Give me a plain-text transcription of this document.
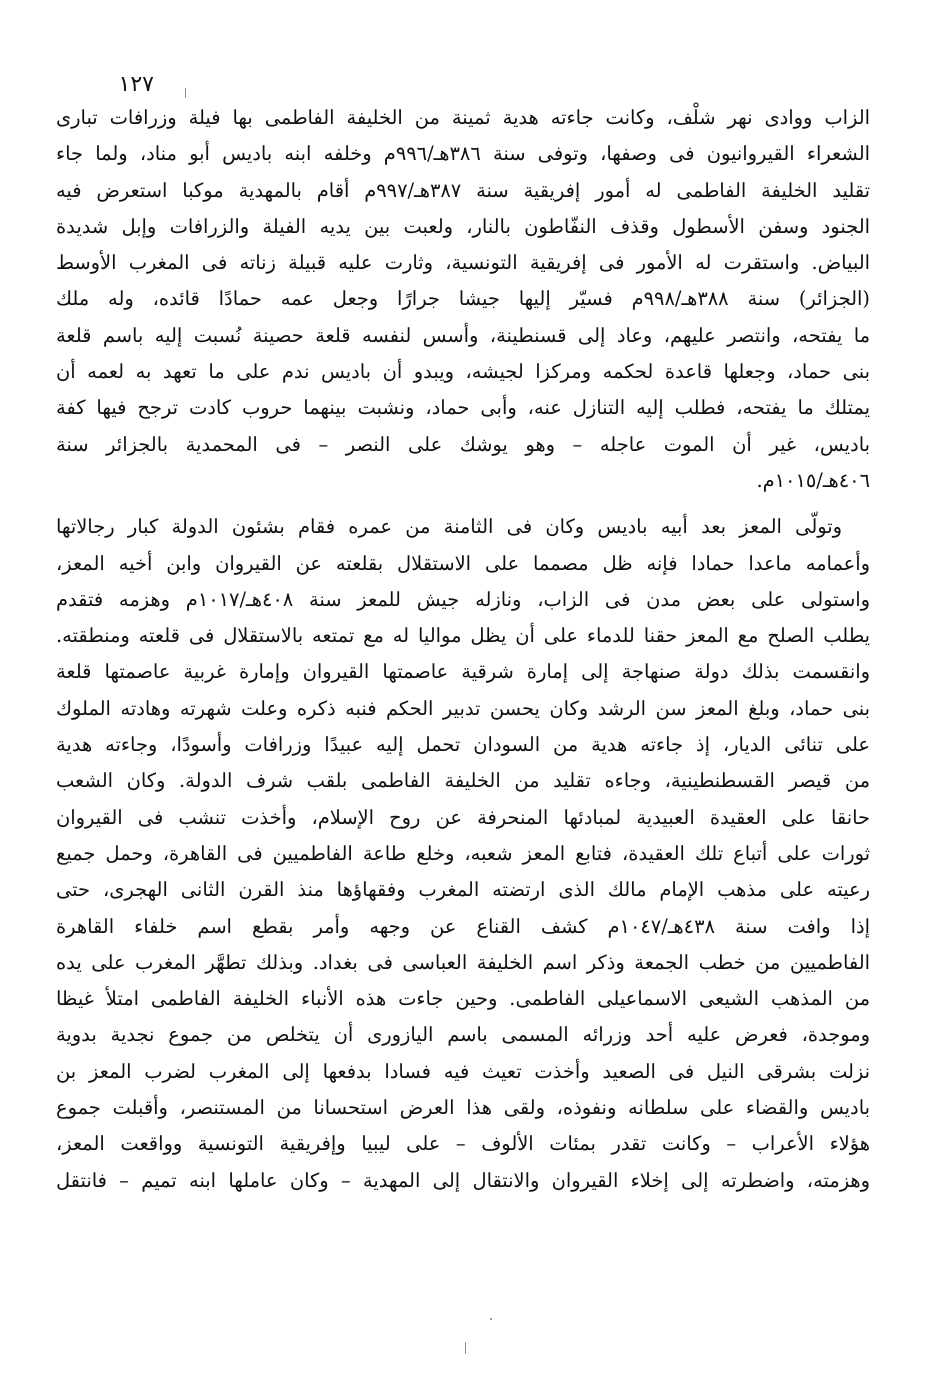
١٢٧
الزاب ووادى نهر شلْف، وكانت جاءته هدية ثمينة من الخليفة الفاطمى بها فيلة وزرافات تبارى
الشعراء القيروانيون فى وصفها، وتوفى سنة ٣٨٦هـ/٩٩٦م وخلفه ابنه باديس أبو مناد، ولما جاء
تقليد الخليفة الفاطمى له أمور إفريقية سنة ٣٨٧هـ/٩٩٧م أقام بالمهدية موكبا استعرض فيه
الجنود وسفن الأسطول وقذف النفّاطون بالنار، ولعبت بين يديه الفيلة والزرافات وإبل شديدة
البياض. واستقرت له الأمور فى إفريقية التونسية، وثارت عليه قبيلة زناته فى المغرب الأوسط
(الجزائر) سنة ٣٨٨هـ/٩٩٨م فسيّر إليها جيشا جرارًا وجعل عمه حمادًا قائده، وله ملك
ما يفتحه، وانتصر عليهم، وعاد إلى قسنطينة، وأسس لنفسه قلعة حصينة نُسبت إليه باسم قلعة
بنى حماد، وجعلها قاعدة لحكمه ومركزا لجيشه، ويبدو أن باديس ندم على ما تعهد به لعمه أن
يمتلك ما يفتحه، فطلب إليه التنازل عنه، وأبى حماد، ونشبت بينهما حروب كادت ترجح فيها كفة
باديس، غير أن الموت عاجله – وهو يوشك على النصر – فى المحمدية بالجزائر سنة
٤٠٦هـ/١٠١٥م.
وتولّى المعز بعد أبيه باديس وكان فى الثامنة من عمره فقام بشئون الدولة كبار رجالاتها
وأعمامه ماعدا حمادا فإنه ظل مصمما على الاستقلال بقلعته عن القيروان وابن أخيه المعز،
واستولى على بعض مدن فى الزاب، ونازله جيش للمعز سنة ٤٠٨هـ/١٠١٧م وهزمه فتقدم
يطلب الصلح مع المعز حقنا للدماء على أن يظل مواليا له مع تمتعه بالاستقلال فى قلعته ومنطقته.
وانقسمت بذلك دولة صنهاجة إلى إمارة شرقية عاصمتها القيروان وإمارة غربية عاصمتها قلعة
بنى حماد، وبلغ المعز سن الرشد وكان يحسن تدبير الحكم فنبه ذكره وعلت شهرته وهادته الملوك
على تنائى الديار، إذ جاءته هدية من السودان تحمل إليه عبيدًا وزرافات وأسودًا، وجاءته هدية
من قيصر القسطنطينية، وجاءه تقليد من الخليفة الفاطمى بلقب شرف الدولة. وكان الشعب
حانقا على العقيدة العبيدية لمبادئها المنحرفة عن روح الإسلام، وأخذت تنشب فى القيروان
ثورات على أتباع تلك العقيدة، فتابع المعز شعبه، وخلع طاعة الفاطميين فى القاهرة، وحمل جميع
رعيته على مذهب الإمام مالك الذى ارتضته المغرب وفقهاؤها منذ القرن الثانى الهجرى، حتى
إذا وافت سنة ٤٣٨هـ/١٠٤٧م كشف القناع عن وجهه وأمر بقطع اسم خلفاء القاهرة
الفاطميين من خطب الجمعة وذكر اسم الخليفة العباسى فى بغداد. وبذلك تطهَّر المغرب على يده
من المذهب الشيعى الاسماعيلى الفاطمى. وحين جاءت هذه الأنباء الخليفة الفاطمى امتلأ غيظا
وموجدة، فعرض عليه أحد وزرائه المسمى باسم اليازورى أن يتخلص من جموع نجدية بدوية
نزلت بشرقى النيل فى الصعيد وأخذت تعيث فيه فسادا بدفعها إلى المغرب لضرب المعز بن
باديس والقضاء على سلطانه ونفوذه، ولقى هذا العرض استحسانا من المستنصر، وأقبلت جموع
هؤلاء الأعراب – وكانت تقدر بمئات الألوف – على ليبيا وإفريقية التونسية وواقعت المعز،
وهزمته، واضطرته إلى إخلاء القيروان والانتقال إلى المهدية – وكان عاملها ابنه تميم – فانتقل
